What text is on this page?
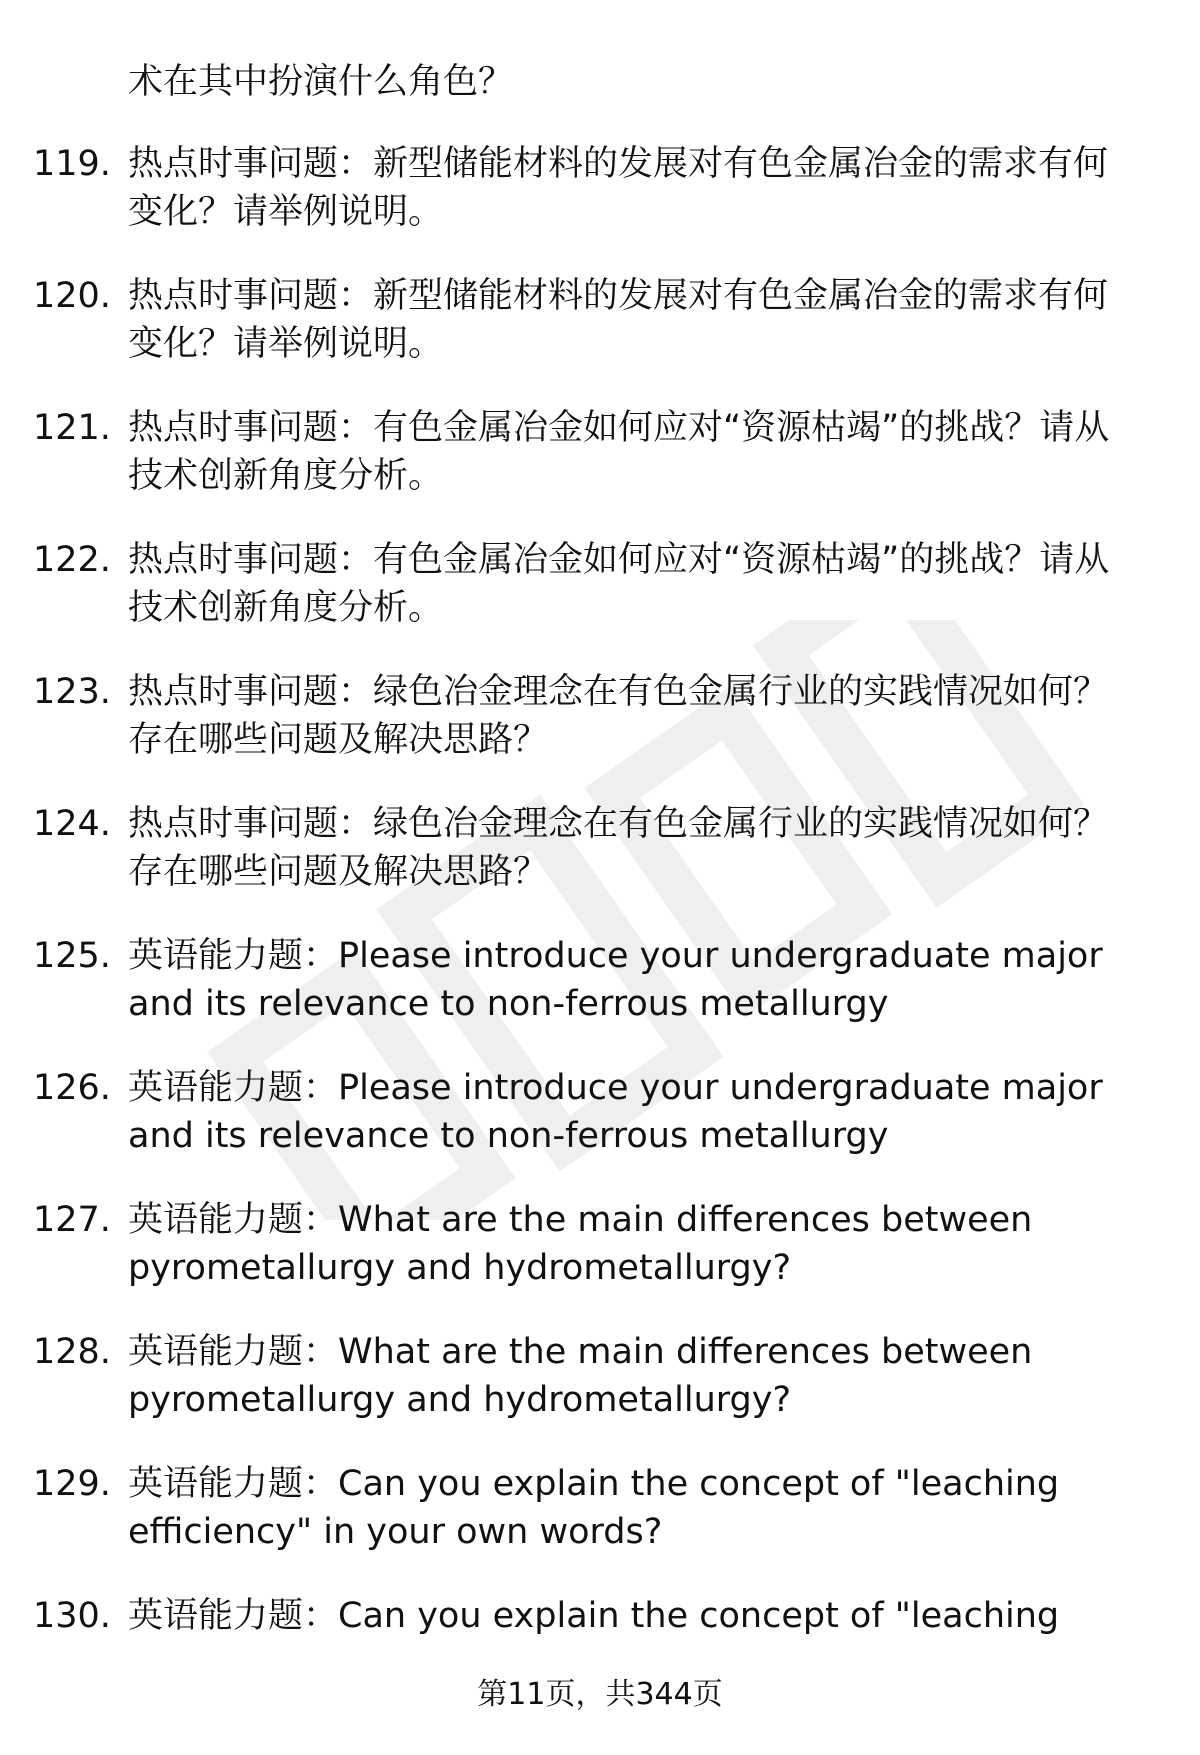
术在其中扮演什么角色？
119. 热点时事问题：新型储能材料的发展对有色金属冶金的需求有何变化？请举例说明。
120. 热点时事问题：新型储能材料的发展对有色金属冶金的需求有何变化？请举例说明。
121. 热点时事问题：有色金属冶金如何应对“资源枯竭”的挑战？请从技术创新角度分析。
122. 热点时事问题：有色金属冶金如何应对“资源枯竭”的挑战？请从技术创新角度分析。
123. 热点时事问题：绿色冶金理念在有色金属行业的实践情况如何？存在哪些问题及解决思路？
124. 热点时事问题：绿色冶金理念在有色金属行业的实践情况如何？存在哪些问题及解决思路？
125. 英语能力题：Please introduce your undergraduate major and its relevance to non-ferrous metallurgy
126. 英语能力题：Please introduce your undergraduate major and its relevance to non-ferrous metallurgy
127. 英语能力题：What are the main differences between pyrometallurgy and hydrometallurgy?
128. 英语能力题：What are the main differences between pyrometallurgy and hydrometallurgy?
129. 英语能力题：Can you explain the concept of "leaching efficiency" in your own words?
130. 英语能力题：Can you explain the concept of "leaching
第11页，共344页
